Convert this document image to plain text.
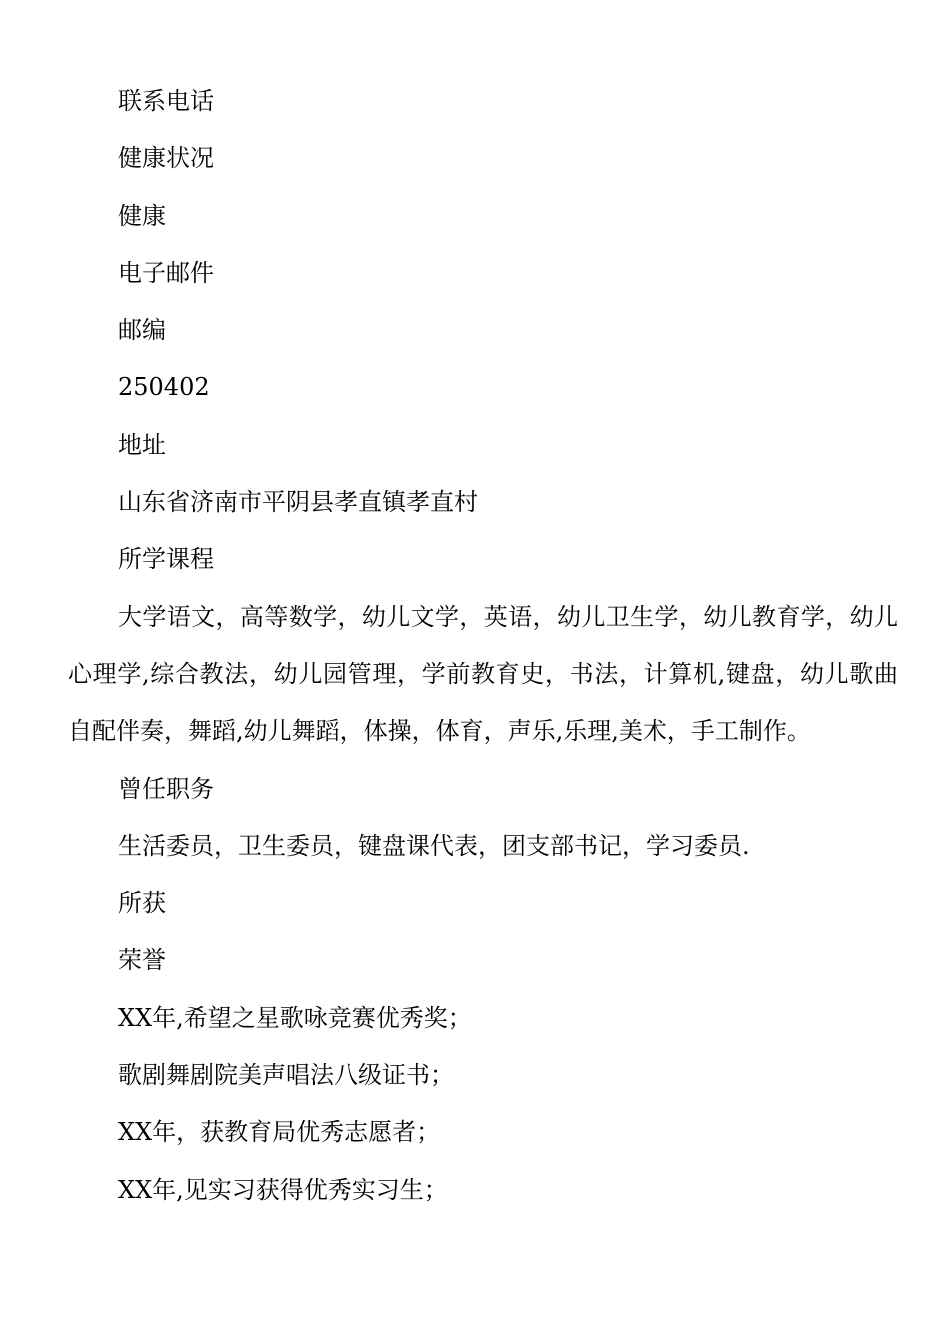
联系电话

健康状况

健康

电子邮件

邮编

250402

地址

山东省济南市平阴县孝直镇孝直村

所学课程

大学语文，高等数学，幼儿文学，英语，幼儿卫生学，幼儿教育学，幼儿心理学,综合教法，幼儿园管理，学前教育史，书法，计算机,键盘，幼儿歌曲自配伴奏，舞蹈,幼儿舞蹈，体操，体育，声乐,乐理,美术，手工制作。

曾任职务

生活委员，卫生委员，键盘课代表，团支部书记，学习委员.

所获

荣誉

XX年,希望之星歌咏竞赛优秀奖；

歌剧舞剧院美声唱法八级证书；

XX年，获教育局优秀志愿者；

XX年,见实习获得优秀实习生；
